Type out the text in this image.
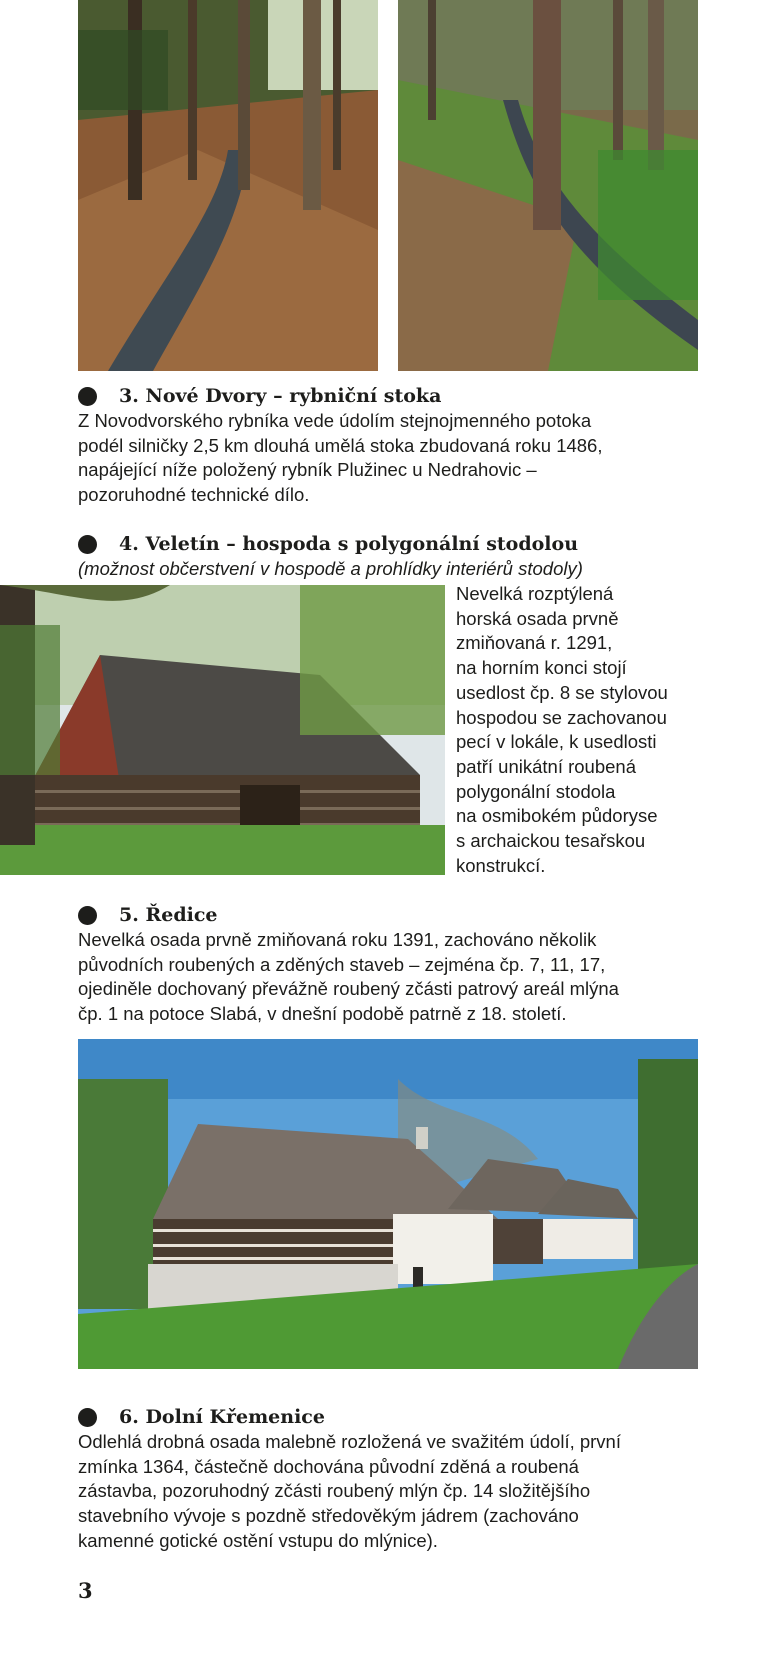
3. Nové Dvory – rybniční stoka
Z Novodvorského rybníka vede údolím stejnojmenného potoka
podél silničky 2,5 km dlouhá umělá stoka zbudovaná roku 1486,
napájející níže položený rybník Plužinec u Nedrahovic –
pozoruhodné technické dílo.
4. Veletín – hospoda s polygonální stodolou
(možnost občerstvení v hospodě a prohlídky interiérů stodoly)
Nevelká rozptýlená
horská osada prvně
zmiňovaná r. 1291,
na horním konci stojí
usedlost čp. 8 se stylovou
hospodou se zachovanou
pecí v lokále, k usedlosti
patří unikátní roubená
polygonální stodola
na osmibokém půdoryse
s archaickou tesařskou
konstrukcí.
5. Ředice
Nevelká osada prvně zmiňovaná roku 1391, zachováno několik
původních roubených a zděných staveb – zejména čp. 7, 11, 17,
ojediněle dochovaný převážně roubený zčásti patrový areál mlýna
čp. 1 na potoce Slabá, v dnešní podobě patrně z 18. století.
6. Dolní Křemenice
Odlehlá drobná osada malebně rozložená ve svažitém údolí, první
zmínka 1364, částečně dochována původní zděná a roubená
zástavba, pozoruhodný zčásti roubený mlýn čp. 14 složitějšího
stavebního vývoje s pozdně středověkým jádrem (zachováno
kamenné gotické ostění vstupu do mlýnice).
3
